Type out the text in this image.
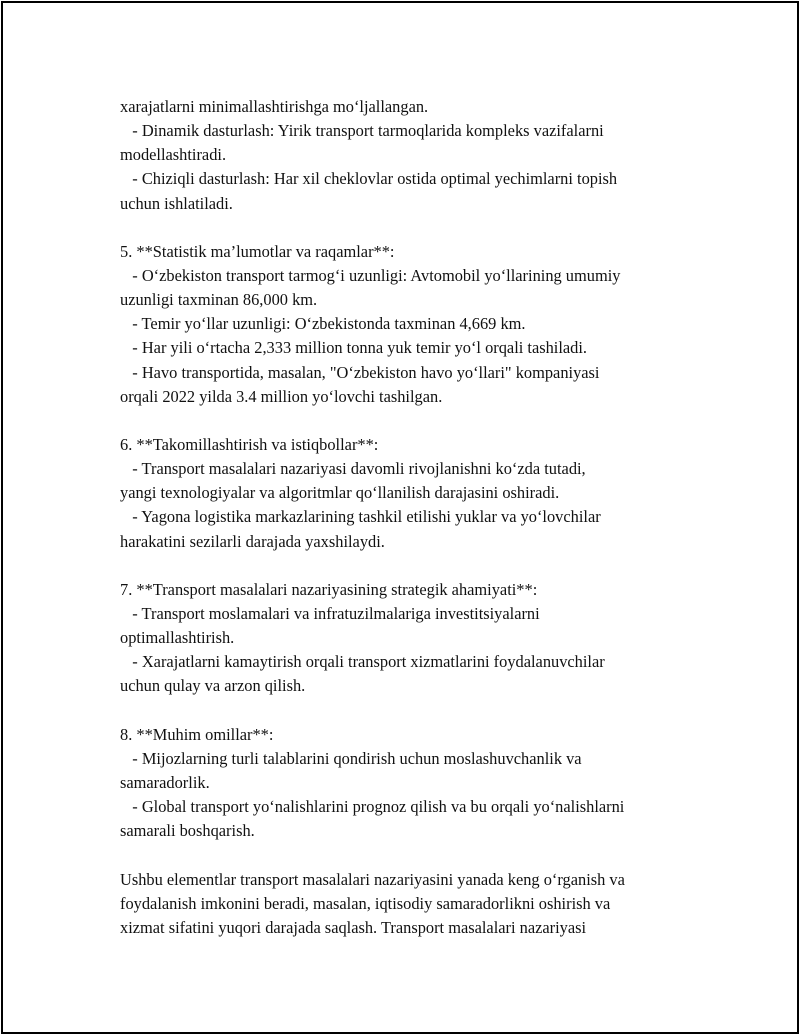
xarajatlarni minimallashtirishga mo‘ljallangan.
- Dinamik dasturlash: Yirik transport tarmoqlarida kompleks vazifalarni
modellashtiradi.
- Chiziqli dasturlash: Har xil cheklovlar ostida optimal yechimlarni topish
uchun ishlatiladi.
5. **Statistik ma’lumotlar va raqamlar**:
- O‘zbekiston transport tarmog‘i uzunligi: Avtomobil yo‘llarining umumiy
uzunligi taxminan 86,000 km.
- Temir yo‘llar uzunligi: O‘zbekistonda taxminan 4,669 km.
- Har yili o‘rtacha 2,333 million tonna yuk temir yo‘l orqali tashiladi.
- Havo transportida, masalan, "O‘zbekiston havo yo‘llari" kompaniyasi
orqali 2022 yilda 3.4 million yo‘lovchi tashilgan.
6. **Takomillashtirish va istiqbollar**:
- Transport masalalari nazariyasi davomli rivojlanishni ko‘zda tutadi,
yangi texnologiyalar va algoritmlar qo‘llanilish darajasini oshiradi.
- Yagona logistika markazlarining tashkil etilishi yuklar va yo‘lovchilar
harakatini sezilarli darajada yaxshilaydi.
7. **Transport masalalari nazariyasining strategik ahamiyati**:
- Transport moslamalari va infratuzilmalariga investitsiyalarni
optimallashtirish.
- Xarajatlarni kamaytirish orqali transport xizmatlarini foydalanuvchilar
uchun qulay va arzon qilish.
8. **Muhim omillar**:
- Mijozlarning turli talablarini qondirish uchun moslashuvchanlik va
samaradorlik.
- Global transport yo‘nalishlarini prognoz qilish va bu orqali yo‘nalishlarni
samarali boshqarish.
Ushbu elementlar transport masalalari nazariyasini yanada keng o‘rganish va
foydalanish imkonini beradi, masalan, iqtisodiy samaradorlikni oshirish va
xizmat sifatini yuqori darajada saqlash. Transport masalalari nazariyasi
